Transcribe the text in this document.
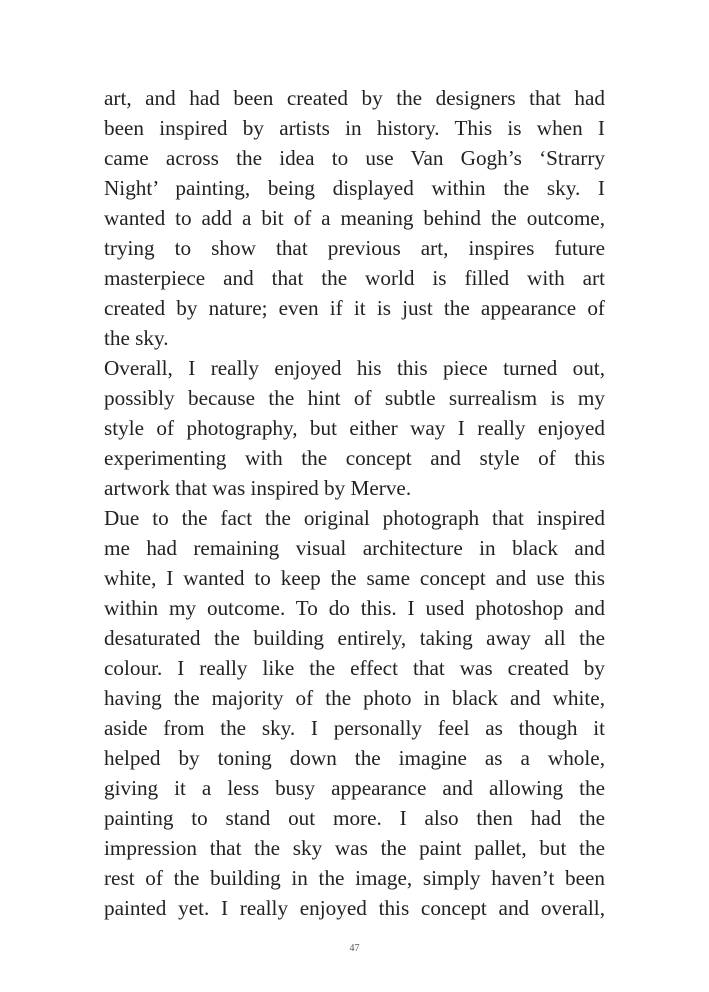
art, and had been created by the designers that had
been inspired by artists in history. This is when I
came across the idea to use Van Gogh’s ‘Strarry
Night’ painting, being displayed within the sky. I
wanted to add a bit of a meaning behind the outcome,
trying to show that previous art, inspires future
masterpiece and that the world is filled with art
created by nature; even if it is just the appearance of
the sky.
Overall, I really enjoyed his this piece turned out,
possibly because the hint of subtle surrealism is my
style of photography, but either way I really enjoyed
experimenting with the concept and style of this
artwork that was inspired by Merve.
Due to the fact the original photograph that inspired
me had remaining visual architecture in black and
white, I wanted to keep the same concept and use this
within my outcome. To do this. I used photoshop and
desaturated the building entirely, taking away all the
colour. I really like the effect that was created by
having the majority of the photo in black and white,
aside from the sky. I personally feel as though it
helped by toning down the imagine as a whole,
giving it a less busy appearance and allowing the
painting to stand out more. I also then had the
impression that the sky was the paint pallet, but the
rest of the building in the image, simply haven’t been
painted yet. I really enjoyed this concept and overall,
47
